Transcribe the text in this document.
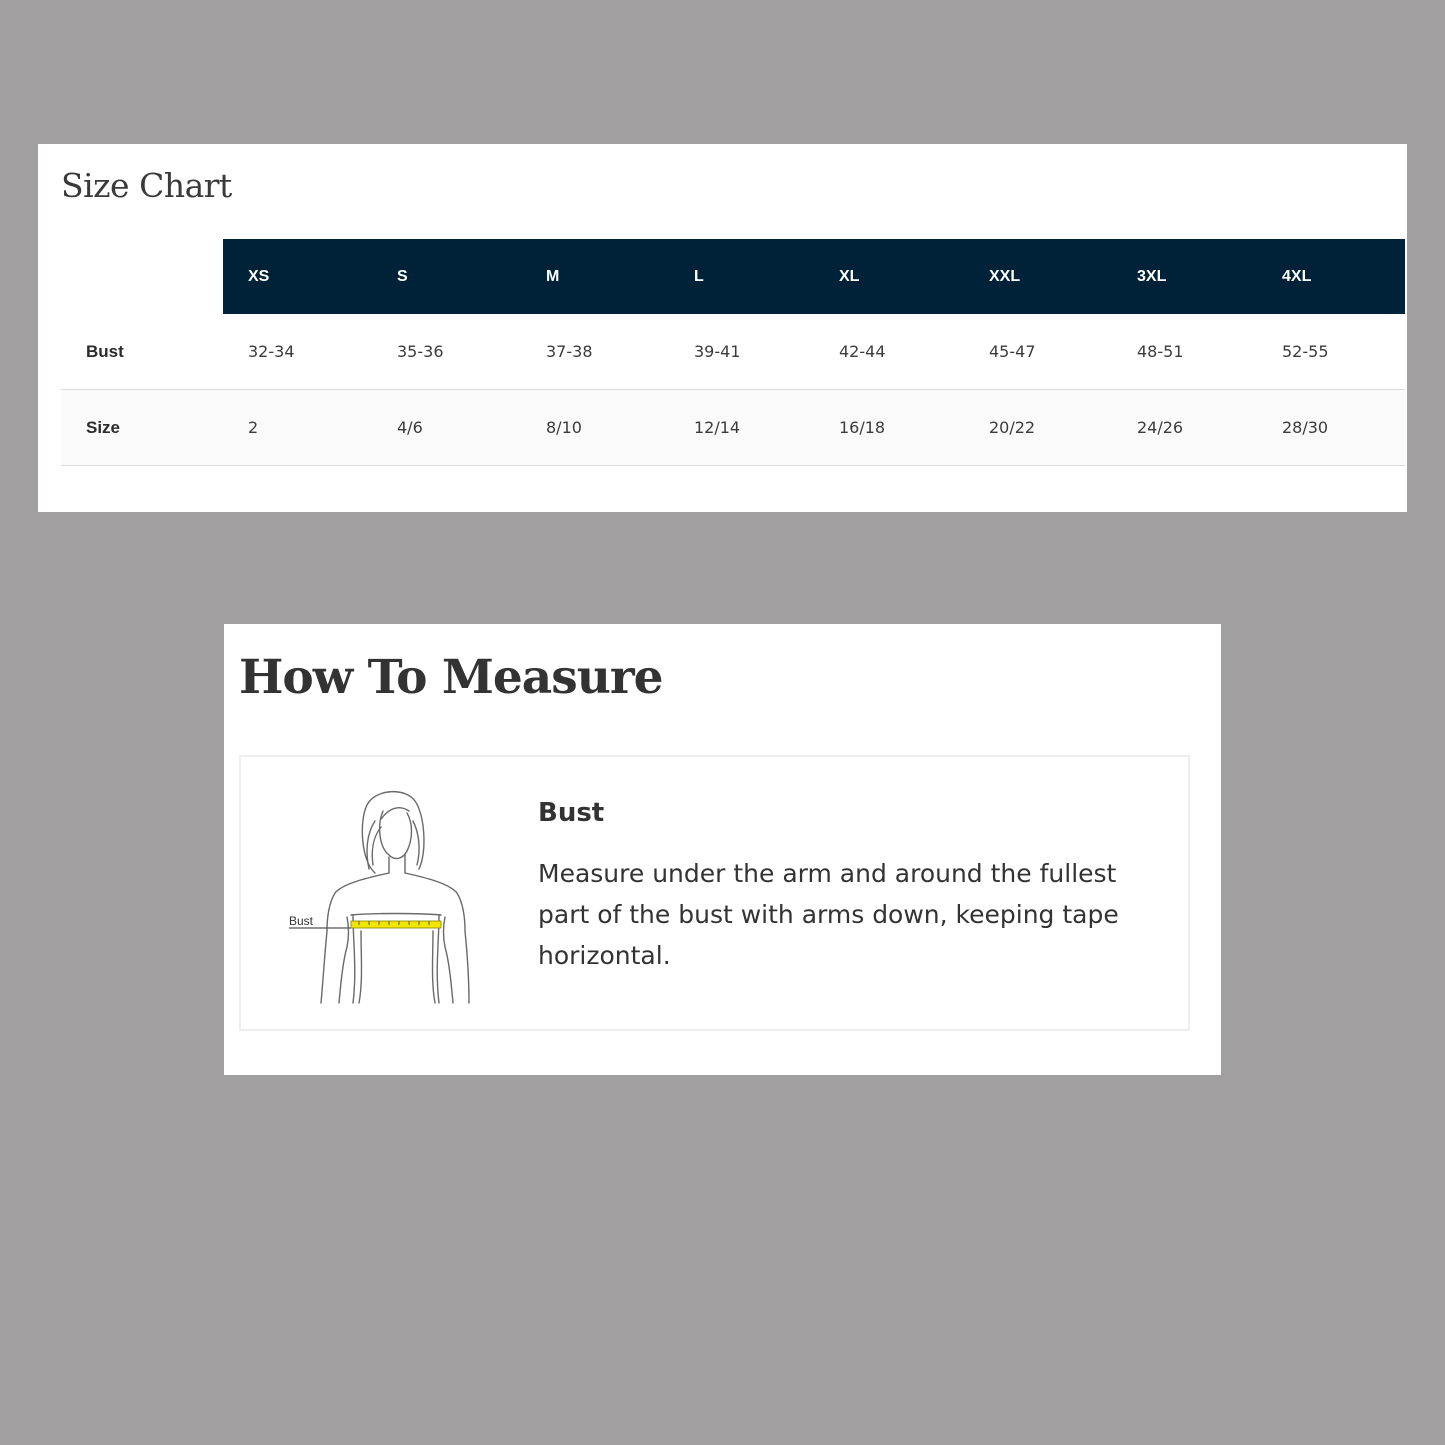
Size Chart
	XS	S	M	L	XL	XXL	3XL	4XL
Bust	32-34	35-36	37-38	39-41	42-44	45-47	48-51	52-55
Size	2	4/6	8/10	12/14	16/18	20/22	24/26	28/30
How To Measure
Bust
Bust

Measure under the arm and around the fullest part of the bust with arms down, keeping tape horizontal.
